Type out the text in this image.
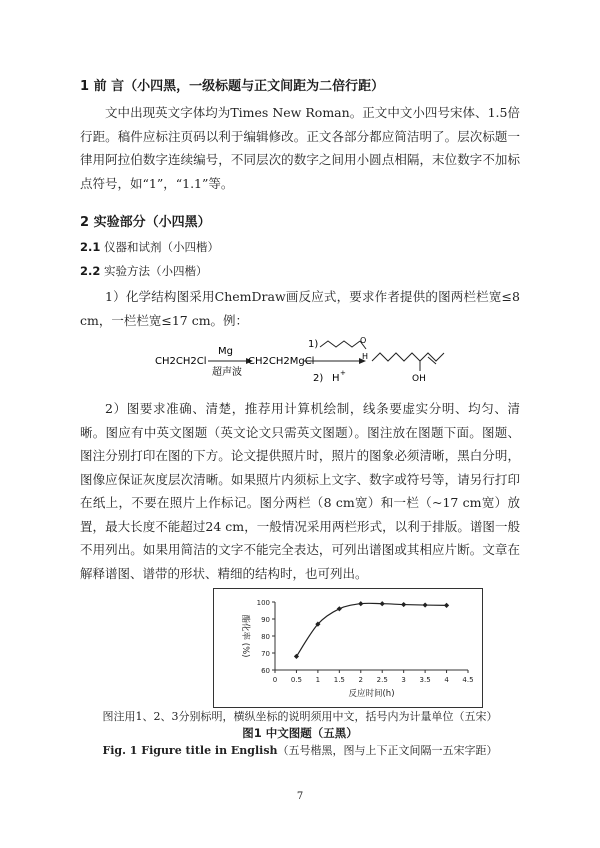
1 前 言（小四黑，一级标题与正文间距为二倍行距）

文中出现英文字体均为Times New Roman。正文中文小四号宋体、1.5倍行距。稿件应标注页码以利于编辑修改。正文各部分都应简洁明了。层次标题一律用阿拉伯数字连续编号，不同层次的数字之间用小圆点相隔，末位数字不加标点符号，如“1”，“1.1”等。

2 实验部分（小四黑）
2.1 仪器和试剂（小四楷）
2.2 实验方法（小四楷）

1）化学结构图采用ChemDraw画反应式，要求作者提供的图两栏栏宽≤8 cm，一栏栏宽≤17 cm。例：

CH2CH2Cl
Mg
超声波
CH2CH2MgCl
1)
2) H +
O
H
OH

2）图要求准确、清楚，推荐用计算机绘制，线条要虚实分明、均匀、清晰。图应有中英文图题（英文论文只需英文图题）。图注放在图题下面。图题、图注分别打印在图的下方。论文提供照片时，照片的图象必须清晰，黑白分明，图像应保证灰度层次清晰。如果照片内须标上文字、数字或符号等，请另行打印在纸上，不要在照片上作标记。图分两栏（8 cm宽）和一栏（~17 cm宽）放置，最大长度不能超过24 cm，一般情况采用两栏形式，以利于排版。谱图一般不用列出。如果用简洁的文字不能完全表达，可列出谱图或其相应片断。文章在解释谱图、谱带的形状、精细的结构时，也可列出。

60
70
80
90
100
0 0.5 1 1.5 2 2.5 3 3.5 4 4.5
反应时间(h)
酯化率 (%)
图注用1、2、3分别标明，横纵坐标的说明须用中文，括号内为计量单位（五宋）
图1 中文图题（五黑）
Fig. 1 Figure title in English（五号楷黑，图与上下正文间隔一五宋字距）
7
